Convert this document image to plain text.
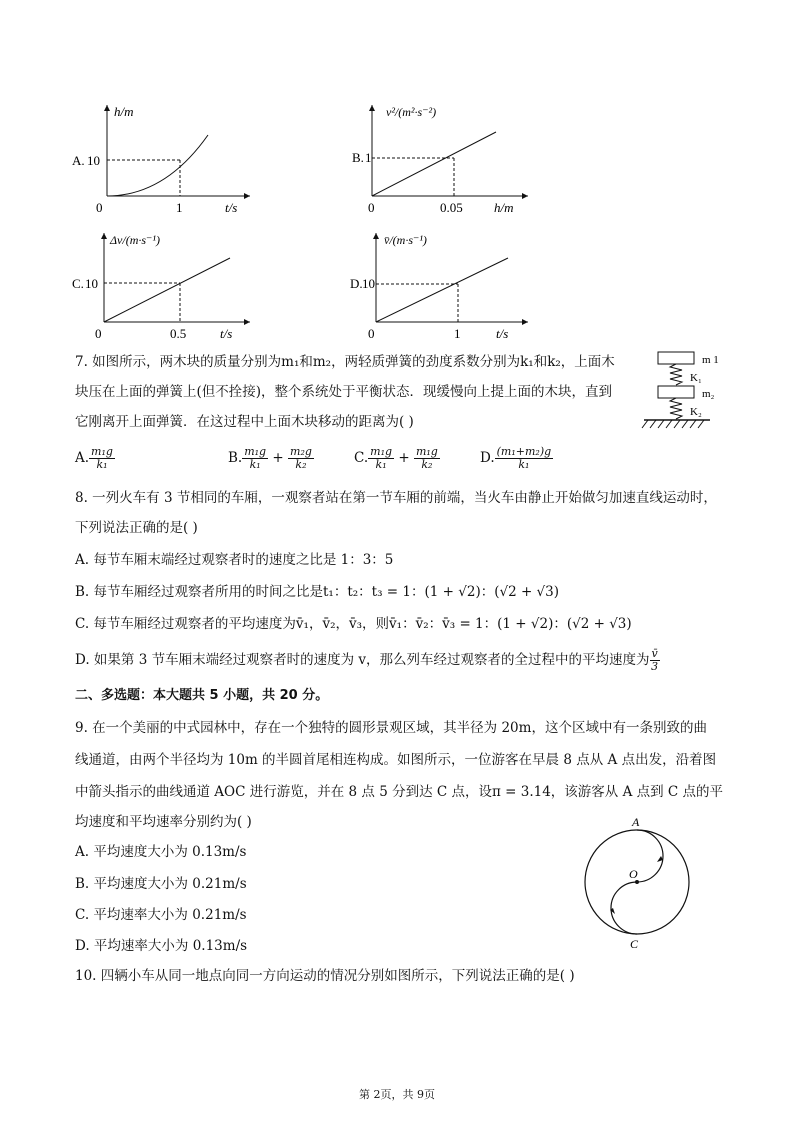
A. 10
h/m
0	1	t/s
B. 1
v²/(m²·s⁻²)
0	0.05 h/m
C. 10
Δv/(m·s⁻¹)
0	0.5	t/s
D. 10
v̄/(m·s⁻¹)
0	1	t/s
7. 如图所示，两木块的质量分别为m₁和m₂，两轻质弹簧的劲度系数分别为k₁和k₂，上面木
块压在上面的弹簧上(但不拴接)，整个系统处于平衡状态．现缓慢向上提上面的木块，直到
它刚离开上面弹簧．在这过程中上面木块移动的距离为( )
m 1
K₁
m₂
K₂
A. $\frac{\text{m₁g}}{\text{k₁}}$	B. $\frac{\text{m₁g}}{\text{k₁}} + \frac{\text{m₂g}}{\text{k₂}}$	C. $\frac{\text{m₁g}}{\text{k₁}} + \frac{\text{m₁g}}{\text{k₂}}$	D. $\frac{\text{(m₁+m₂)g}}{\text{k₁}}$
8. 一列火车有 3 节相同的车厢，一观察者站在第一节车厢的前端，当火车由静止开始做匀加速直线运动时，
下列说法正确的是( )
A. 每节车厢末端经过观察者时的速度之比是 1：3：5
B. 每节车厢经过观察者所用的时间之比是t₁：t₂：t₃ = 1：(1 + √2)：(√2 + √3)
C. 每节车厢经过观察者的平均速度为v̄₁，v̄₂，v̄₃，则v̄₁：v̄₂：v̄₃ = 1：(1 + √2)：(√2 + √3)
D. 如果第 3 节车厢末端经过观察者时的速度为 v，那么列车经过观察者的全过程中的平均速度为 $\frac{v̄}{3}$
二、多选题：本大题共 5 小题，共 20 分。
9. 在一个美丽的中式园林中，存在一个独特的圆形景观区域，其半径为 20m，这个区域中有一条别致的曲
线通道，由两个半径均为 10m 的半圆首尾相连构成。如图所示，一位游客在早晨 8 点从 A 点出发，沿着图
中箭头指示的曲线通道 AOC 进行游览，并在 8 点 5 分到达 C 点，设π = 3.14，该游客从 A 点到 C 点的平
均速度和平均速率分别约为( )
A. 平均速度大小为 0.13m/s
B. 平均速度大小为 0.21m/s
C. 平均速率大小为 0.21m/s
D. 平均速率大小为 0.13m/s
A
O
C
10. 四辆小车从同一地点向同一方向运动的情况分别如图所示，下列说法正确的是( )
第 2页，共 9页
